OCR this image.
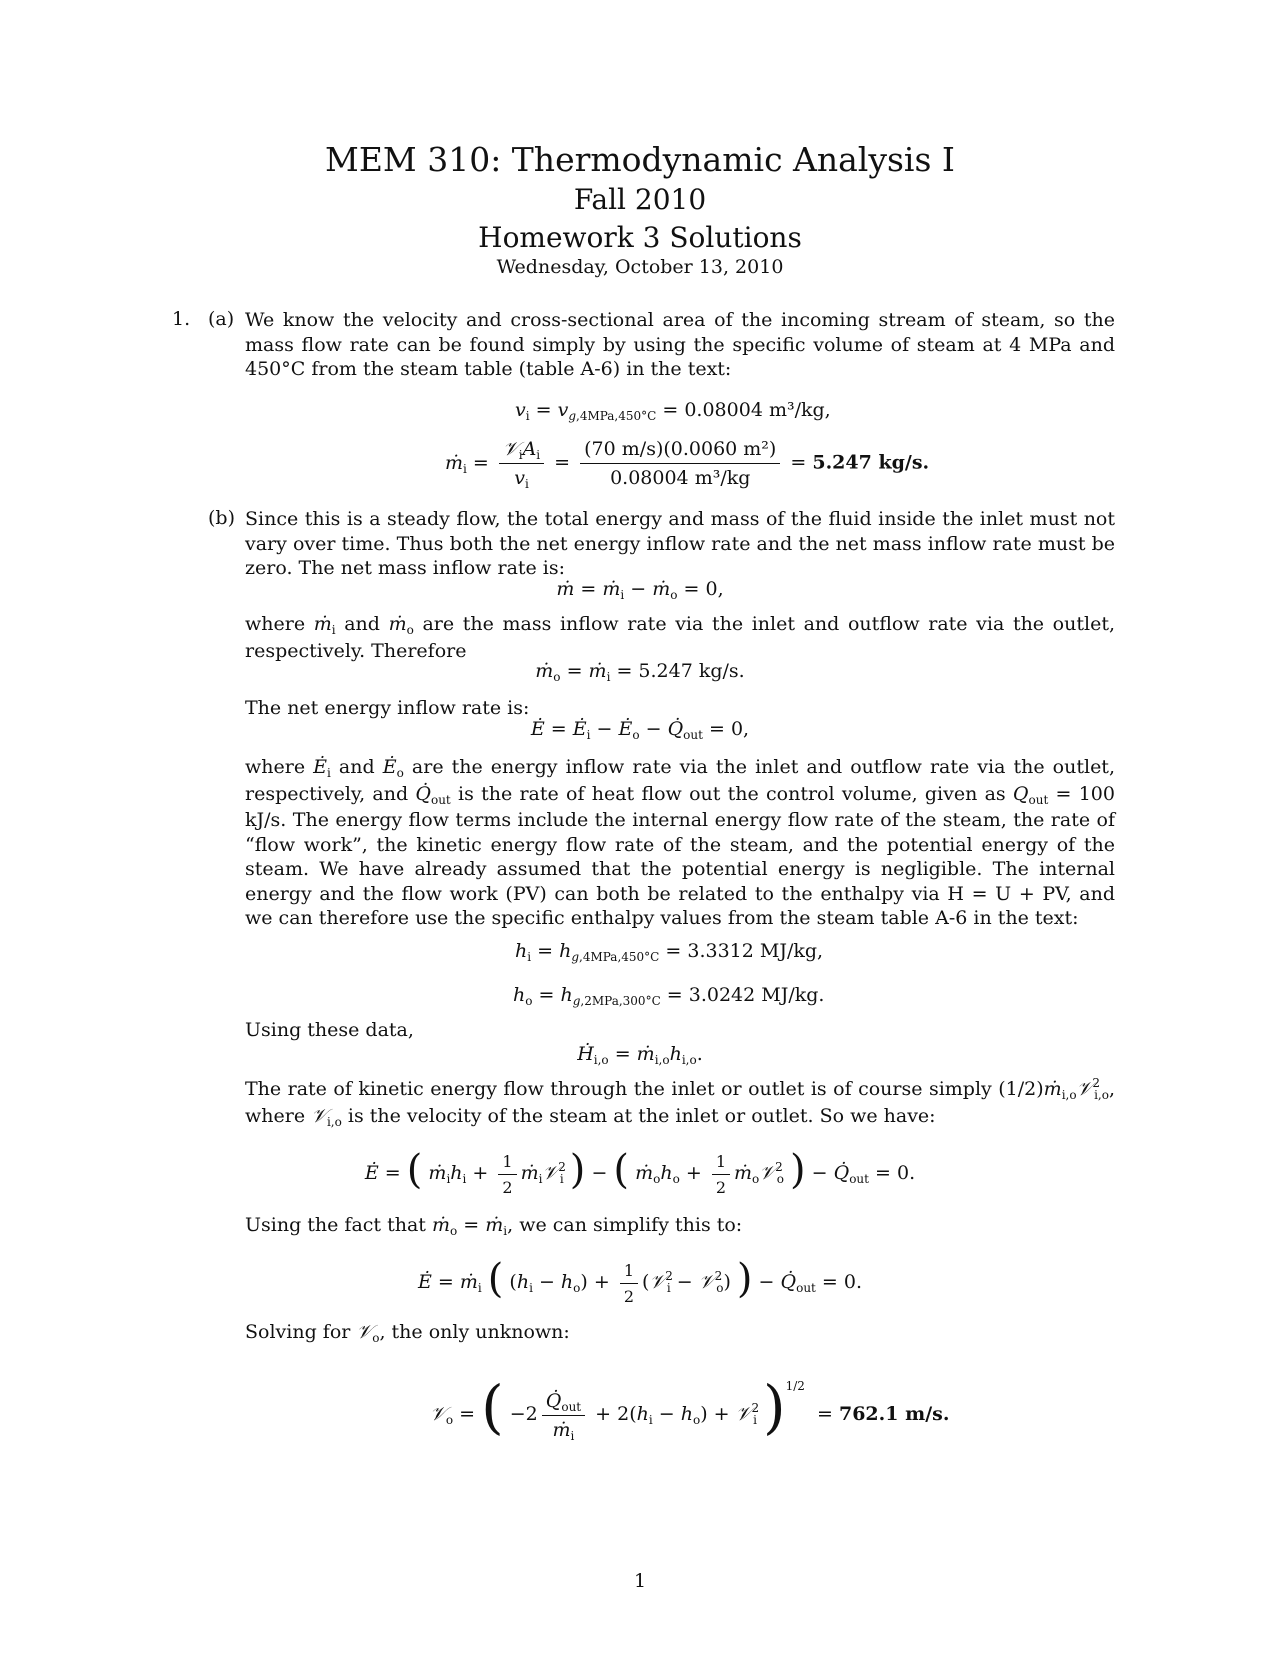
MEM 310: Thermodynamic Analysis I
Fall 2010
Homework 3 Solutions
Wednesday, October 13, 2010
1. (a) We know the velocity and cross-sectional area of the incoming stream of steam, so the mass flow rate can be found simply by using the specific volume of steam at 4 MPa and 450°C from the steam table (table A-6) in the text:
$v_i = v_{g,4MPa,450^\circ C} = 0.08004$ m³/kg,
ṁ$_i$ = $\frac{𝒱_iA_i}{v_i} = \frac{\text{(70 m/s)(0.0060 m²)}}{\text{0.08004 m³/kg}} = 5.247$ kg/s.
(b) Since this is a steady flow, the total energy and mass of the fluid inside the inlet must not vary over time. Thus both the net energy inflow rate and the net mass inflow rate must be zero. The net mass inflow rate is:
ṁ = ṁ$_i$ − ṁ$_o$ = 0,
where ṁ$_i$ and ṁ$_o$ are the mass inflow rate via the inlet and outflow rate via the outlet, respectively. Therefore
ṁ$_o$ = ṁ$_i$ = 5.247 kg/s.
The net energy inflow rate is:
Ė = $Ė_i$ − $Ė_o$ − $Q̇_{out} = 0$,
where $Ė_i$ and $Ė_o$ are the energy inflow rate via the inlet and outflow rate via the outlet, respectively, and $Q̇_{out}$ is the rate of heat flow out the control volume, given as $Q_{out} = 100$ kJ/s. The energy flow terms include the internal energy flow rate of the steam, the rate of “flow work”, the kinetic energy flow rate of the steam, and the potential energy of the steam. We have already assumed that the potential energy is negligible. The internal energy and the flow work (PV) can both be related to the enthalpy via H = U + PV, and we can therefore use the specific enthalpy values from the steam table A-6 in the text:
$h_i = h_{g,4MPa,450^\circ C} = 3.3312$ MJ/kg,
$h_o = h_{g,2MPa,300^\circ C} = 3.0242$ MJ/kg.
Using these data,
Ḣ$_{i,o}$ = $ṁ_{i,o}h_{i,o}$.
The rate of kinetic energy flow through the inlet or outlet is of course simply (1/2)ṁ$_{i,o}$𝒱$^2_{i,o}$, where 𝒱$_{i,o}$ is the velocity of the steam at the inlet or outlet. So we have:
Ė = ( $ṁ_ih_i + \frac{1}{2}$ ṁ$_i$𝒱$^2_i$ ) − ( $ṁ_oh_o + \frac{1}{2}$ ṁ$_o$𝒱$^2_o$ ) − $Q̇_{out} = 0$.
Using the fact that ṁ$_o$ = ṁ$_i$, we can simplify this to:
Ė = ṁ$_i$ ( $(h_i - h_o) + \frac{1}{2}$ (𝒱$^2_i$ − 𝒱$^2_o$) ) − $Q̇_{out} = 0$.
Solving for 𝒱$_o$, the only unknown:
𝒱$_o$ = ( $-2 \frac{Q̇_{out}}{ṁ_i} + 2(h_i - h_o)$ + 𝒱$^2_i$ )$^{1/2}$  = 762.1 m/s.
1
